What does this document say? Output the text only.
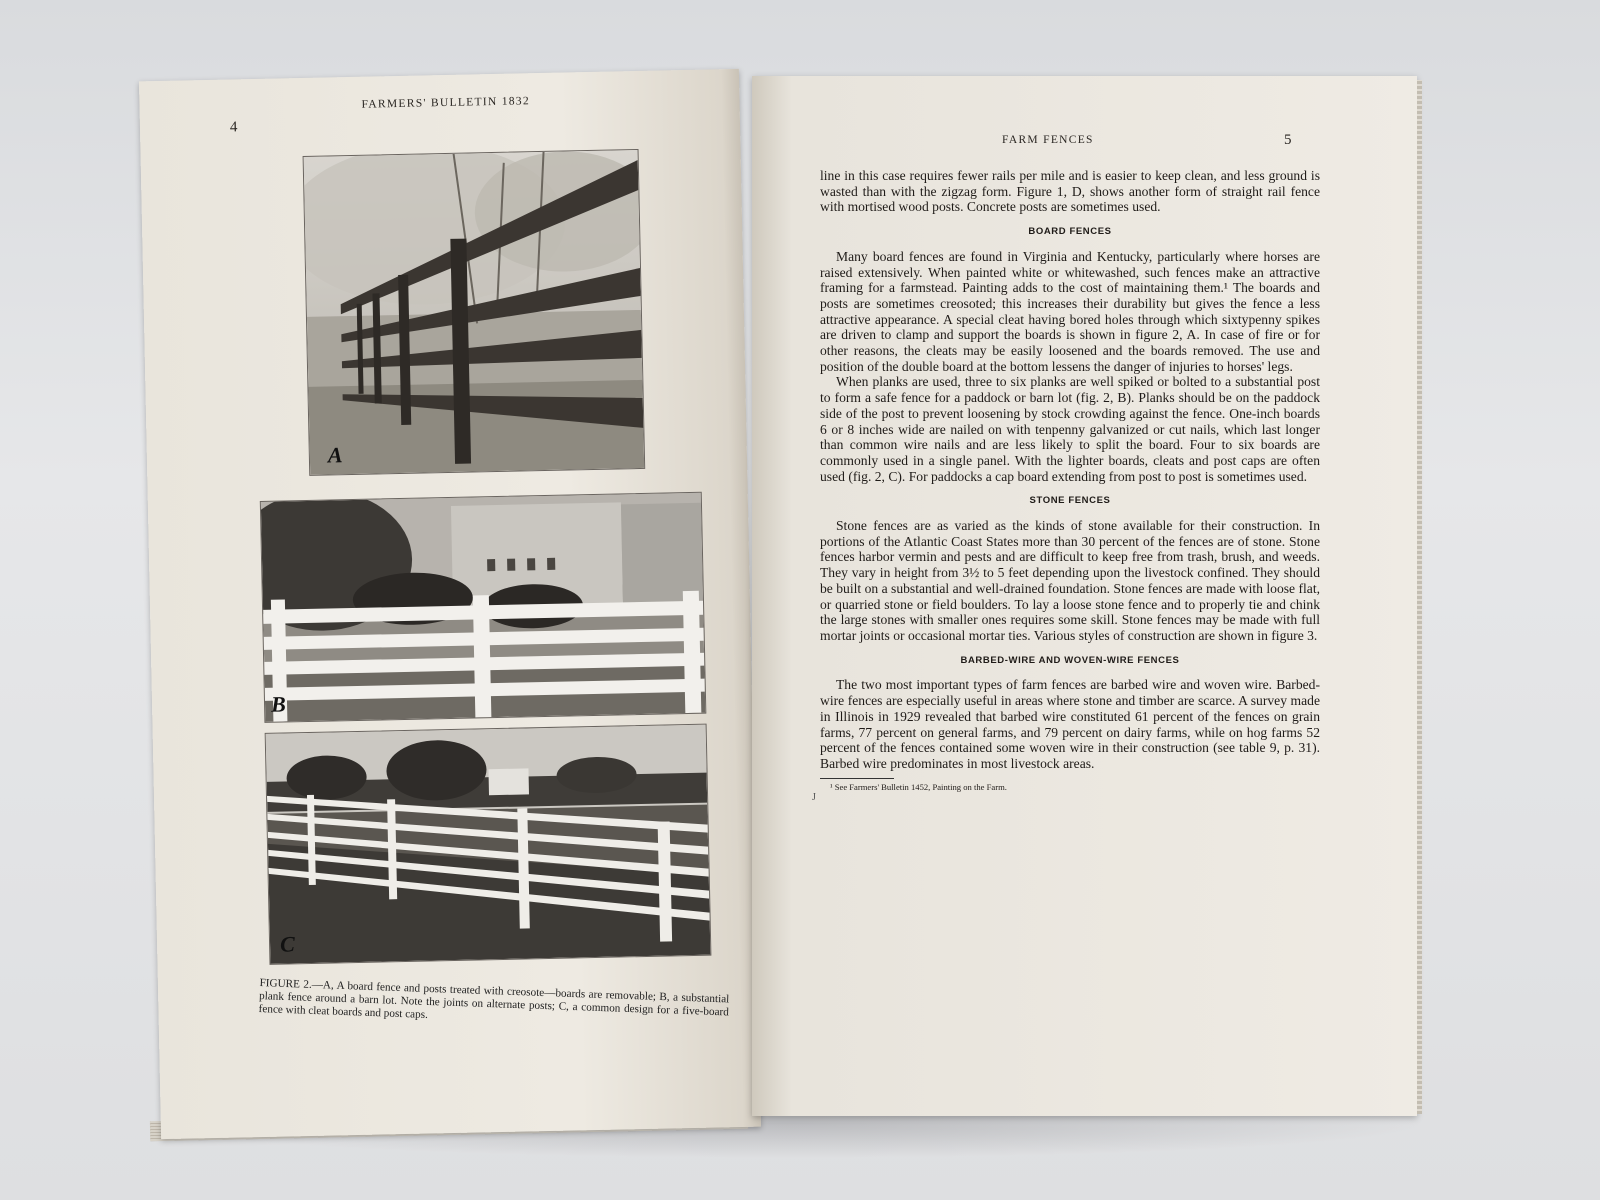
4
FARMERS' BULLETIN 1832
A
B
C
FIGURE 2.—A, A board fence and posts treated with creosote—boards are removable; B, a substantial plank fence around a barn lot. Note the joints on alternate posts; C, a common design for a five-board fence with cleat boards and post caps.
FARM FENCES	5
J

line in this case requires fewer rails per mile and is easier to keep clean, and less ground is wasted than with the zigzag form. Figure 1, D, shows another form of straight rail fence with mortised wood posts. Concrete posts are sometimes used.

BOARD FENCES

Many board fences are found in Virginia and Kentucky, particularly where horses are raised extensively. When painted white or whitewashed, such fences make an attractive framing for a farmstead. Painting adds to the cost of maintaining them.¹ The boards and posts are sometimes creosoted; this increases their durability but gives the fence a less attractive appearance. A special cleat having bored holes through which sixtypenny spikes are driven to clamp and support the boards is shown in figure 2, A. In case of fire or for other reasons, the cleats may be easily loosened and the boards removed. The use and position of the double board at the bottom lessens the danger of injuries to horses' legs.

When planks are used, three to six planks are well spiked or bolted to a substantial post to form a safe fence for a paddock or barn lot (fig. 2, B). Planks should be on the paddock side of the post to prevent loosening by stock crowding against the fence. One-inch boards 6 or 8 inches wide are nailed on with tenpenny galvanized or cut nails, which last longer than common wire nails and are less likely to split the board. Four to six boards are commonly used in a single panel. With the lighter boards, cleats and post caps are often used (fig. 2, C). For paddocks a cap board extending from post to post is sometimes used.

STONE FENCES

Stone fences are as varied as the kinds of stone available for their construction. In portions of the Atlantic Coast States more than 30 percent of the fences are of stone. Stone fences harbor vermin and pests and are difficult to keep free from trash, brush, and weeds. They vary in height from 3½ to 5 feet depending upon the livestock confined. They should be built on a substantial and well-drained foundation. Stone fences are made with loose flat, or quarried stone or field boulders. To lay a loose stone fence and to properly tie and chink the large stones with smaller ones requires some skill. Stone fences may be made with full mortar joints or occasional mortar ties. Various styles of construction are shown in figure 3.

BARBED-WIRE AND WOVEN-WIRE FENCES

The two most important types of farm fences are barbed wire and woven wire. Barbed-wire fences are especially useful in areas where stone and timber are scarce. A survey made in Illinois in 1929 revealed that barbed wire constituted 61 percent of the fences on grain farms, 77 percent on general farms, and 79 percent on dairy farms, while on hog farms 52 percent of the fences contained some woven wire in their construction (see table 9, p. 31). Barbed wire predominates in most livestock areas.

¹ See Farmers' Bulletin 1452, Painting on the Farm.
